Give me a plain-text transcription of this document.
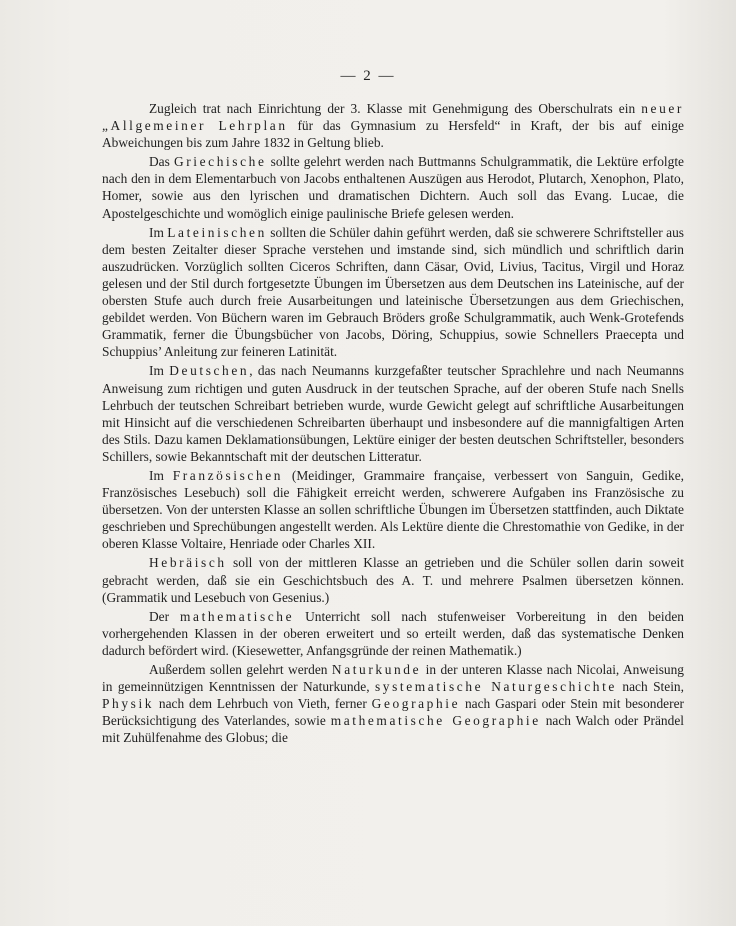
— 2 —

Zugleich trat nach Einrichtung der 3. Klasse mit Genehmigung des Oberschulrats ein neuer „Allgemeiner Lehrplan für das Gymnasium zu Hersfeld“ in Kraft, der bis auf einige Abweichungen bis zum Jahre 1832 in Geltung blieb.

Das Griechische sollte gelehrt werden nach Buttmanns Schulgrammatik, die Lektüre erfolgte nach den in dem Elementarbuch von Jacobs enthaltenen Auszügen aus Herodot, Plutarch, Xenophon, Plato, Homer, sowie aus den lyrischen und dramatischen Dichtern. Auch soll das Evang. Lucae, die Apostelgeschichte und womöglich einige paulinische Briefe gelesen werden.

Im Lateinischen sollten die Schüler dahin geführt werden, daß sie schwerere Schriftsteller aus dem besten Zeitalter dieser Sprache verstehen und imstande sind, sich mündlich und schriftlich darin auszudrücken. Vorzüglich sollten Ciceros Schriften, dann Cäsar, Ovid, Livius, Tacitus, Virgil und Horaz gelesen und der Stil durch fortgesetzte Übungen im Übersetzen aus dem Deutschen ins Lateinische, auf der obersten Stufe auch durch freie Ausarbeitungen und lateinische Übersetzungen aus dem Griechischen, gebildet werden. Von Büchern waren im Gebrauch Bröders große Schulgrammatik, auch Wenk-Grotefends Grammatik, ferner die Übungsbücher von Jacobs, Döring, Schuppius, sowie Schnellers Praecepta und Schuppius’ Anleitung zur feineren Latinität.

Im Deutschen, das nach Neumanns kurzgefaßter teutscher Sprachlehre und nach Neumanns Anweisung zum richtigen und guten Ausdruck in der teutschen Sprache, auf der oberen Stufe nach Snells Lehrbuch der teutschen Schreibart betrieben wurde, wurde Gewicht gelegt auf schriftliche Ausarbeitungen mit Hinsicht auf die verschiedenen Schreibarten überhaupt und insbesondere auf die mannigfaltigen Arten des Stils. Dazu kamen Deklamationsübungen, Lektüre einiger der besten deutschen Schriftsteller, besonders Schillers, sowie Bekanntschaft mit der deutschen Litteratur.

Im Französischen (Meidinger, Grammaire française, verbessert von Sanguin, Gedike, Französisches Lesebuch) soll die Fähigkeit erreicht werden, schwerere Aufgaben ins Französische zu übersetzen. Von der untersten Klasse an sollen schriftliche Übungen im Übersetzen stattfinden, auch Diktate geschrieben und Sprechübungen angestellt werden. Als Lektüre diente die Chrestomathie von Gedike, in der oberen Klasse Voltaire, Henriade oder Charles XII.

Hebräisch soll von der mittleren Klasse an getrieben und die Schüler sollen darin soweit gebracht werden, daß sie ein Geschichtsbuch des A. T. und mehrere Psalmen übersetzen können. (Grammatik und Lesebuch von Gesenius.)

Der mathematische Unterricht soll nach stufenweiser Vorbereitung in den beiden vorhergehenden Klassen in der oberen erweitert und so erteilt werden, daß das systematische Denken dadurch befördert wird. (Kiesewetter, Anfangsgründe der reinen Mathematik.)

Außerdem sollen gelehrt werden Naturkunde in der unteren Klasse nach Nicolai, Anweisung in gemeinnützigen Kenntnissen der Naturkunde, systematische Naturgeschichte nach Stein, Physik nach dem Lehrbuch von Vieth, ferner Geographie nach Gaspari oder Stein mit besonderer Berücksichtigung des Vaterlandes, sowie mathematische Geographie nach Walch oder Prändel mit Zuhülfenahme des Globus; die
